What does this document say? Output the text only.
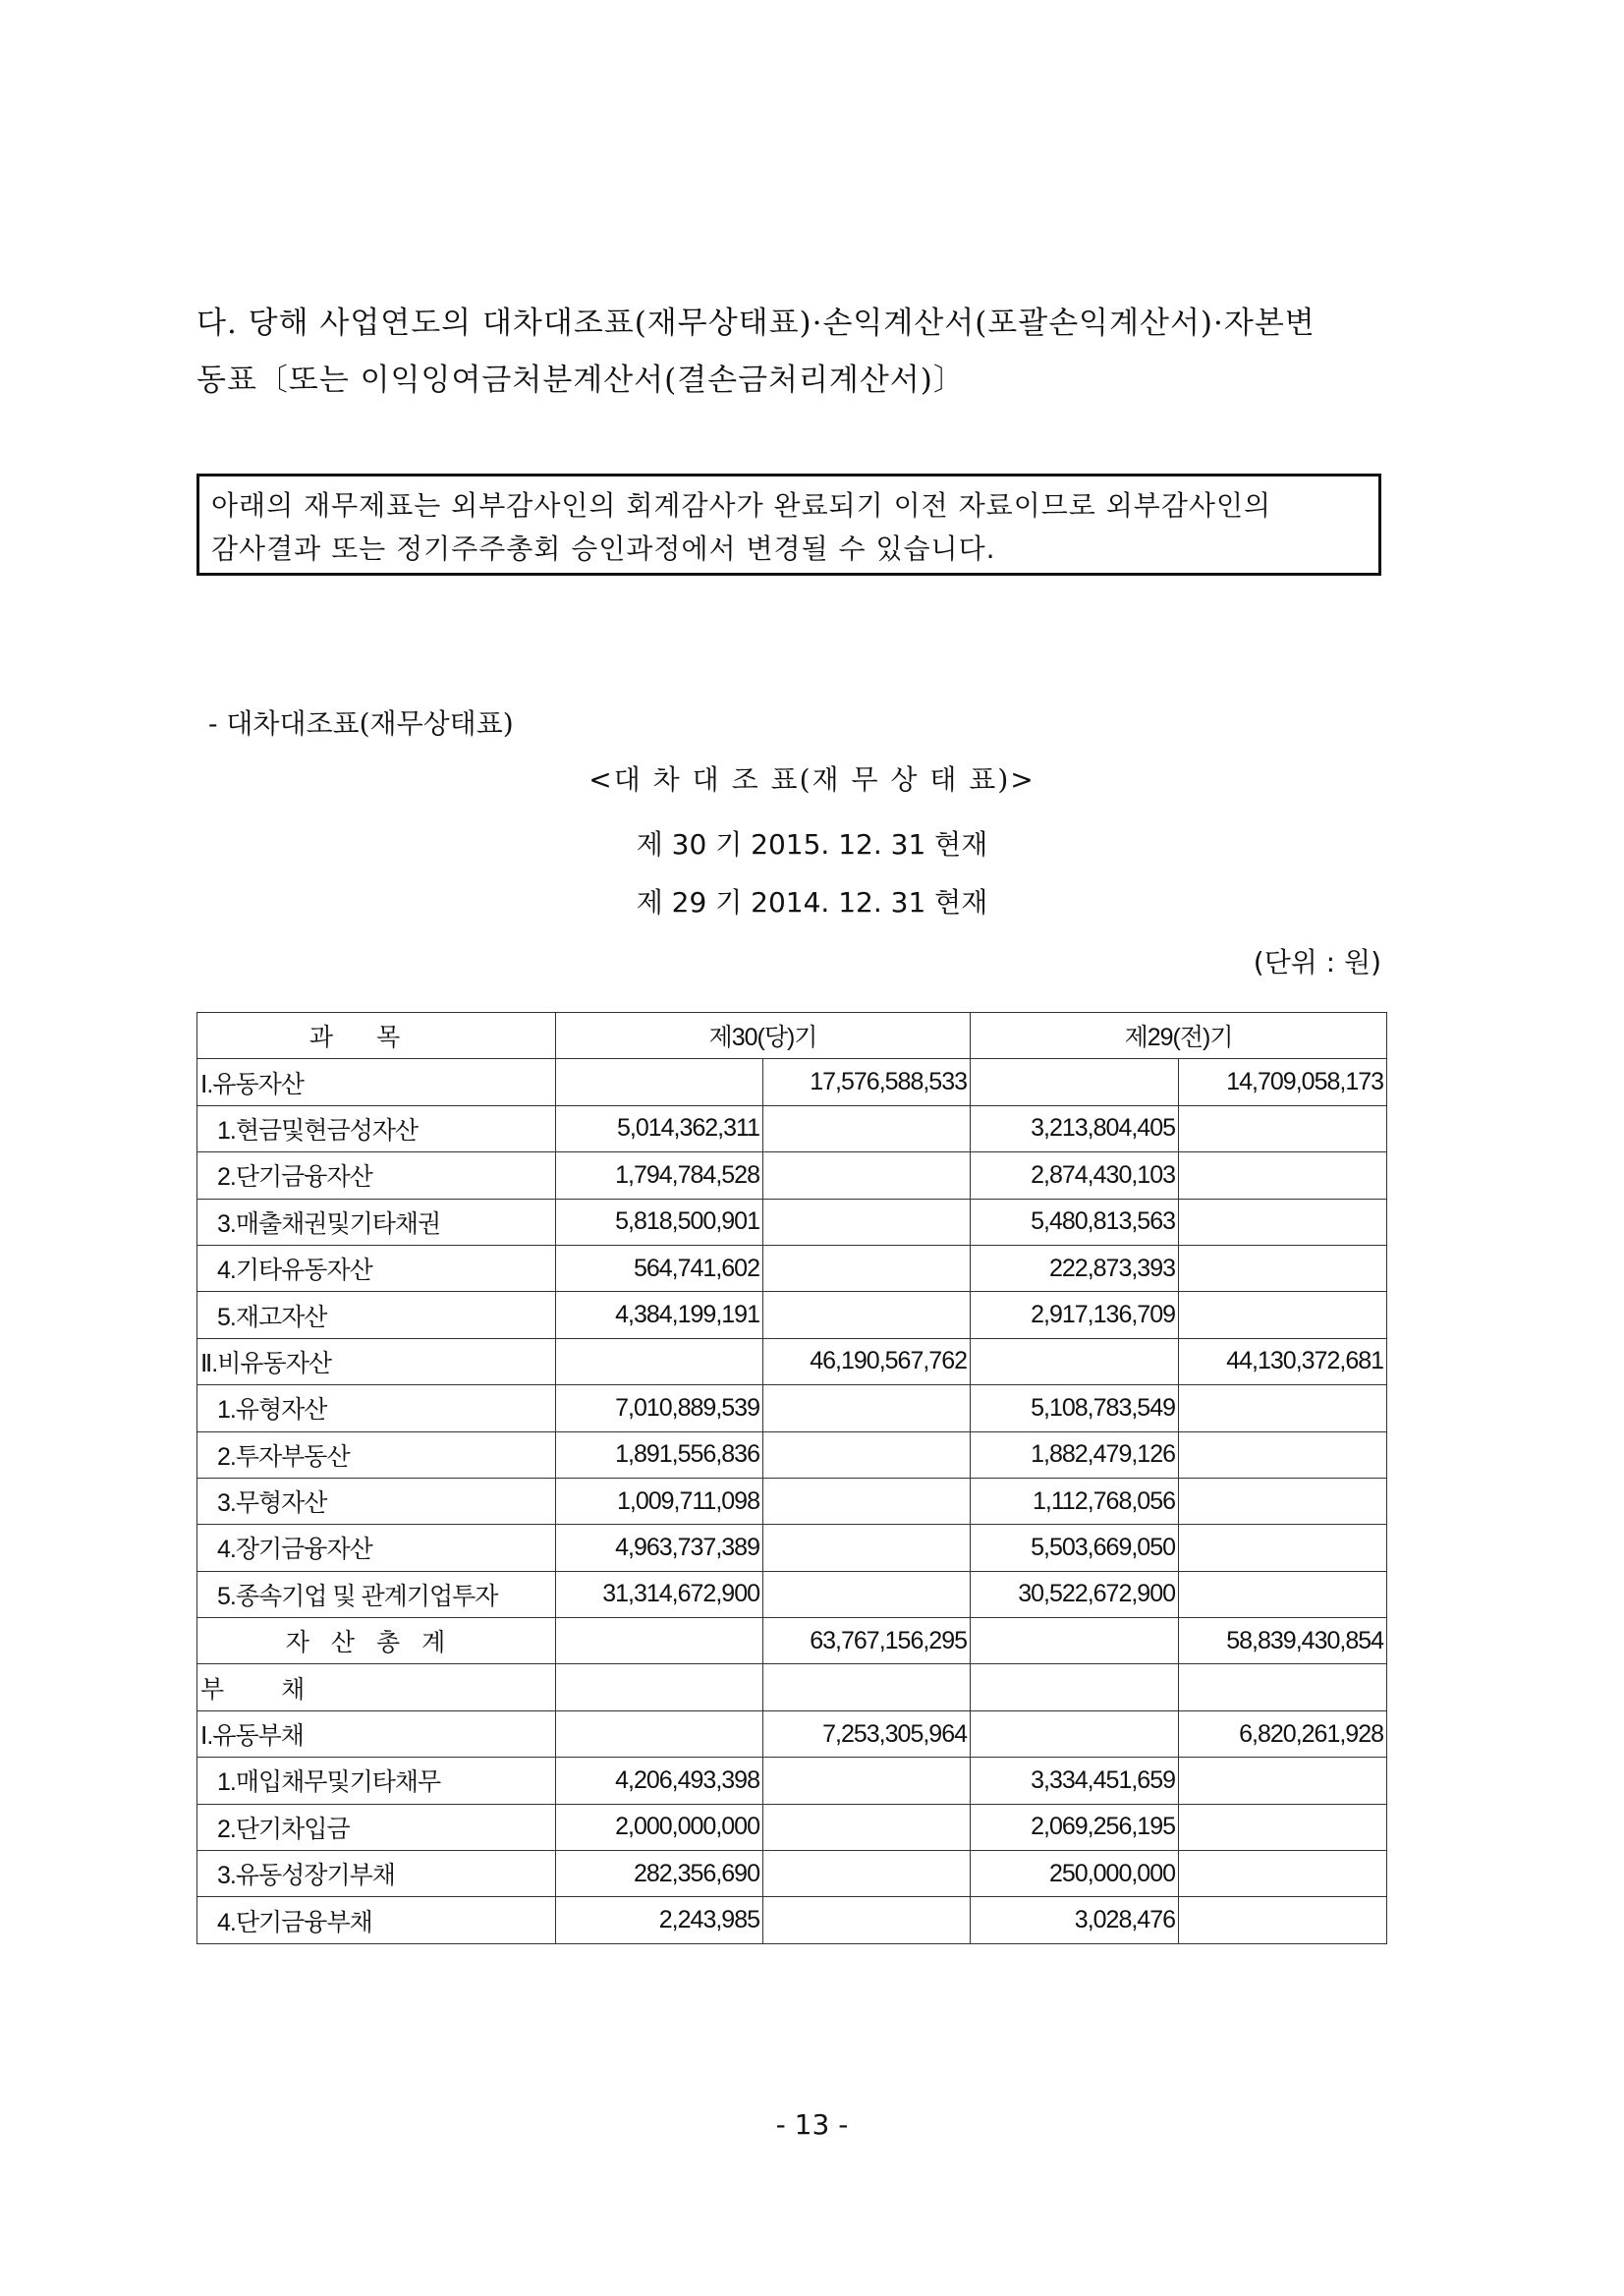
다. 당해 사업연도의 대차대조표(재무상태표)·손익계산서(포괄손익계산서)·자본변
동표〔또는 이익잉여금처분계산서(결손금처리계산서)〕
아래의 재무제표는 외부감사인의 회계감사가 완료되기 이전 자료이므로 외부감사인의
감사결과 또는 정기주주총회 승인과정에서 변경될 수 있습니다.
- 대차대조표(재무상태표)
<대 차 대 조 표(재 무 상 태 표)>
제 30 기 2015. 12. 31 현재
제 29 기 2014. 12. 31 현재
(단위 : 원)
과목	제30(당)기		제29(전)기	
Ⅰ.유동자산		17,576,588,533		14,709,058,173
1.현금및현금성자산	5,014,362,311		3,213,804,405	
2.단기금융자산	1,794,784,528		2,874,430,103	
3.매출채권및기타채권	5,818,500,901		5,480,813,563	
4.기타유동자산	564,741,602		222,873,393	
5.재고자산	4,384,199,191		2,917,136,709	
Ⅱ.비유동자산		46,190,567,762		44,130,372,681
1.유형자산	7,010,889,539		5,108,783,549	
2.투자부동산	1,891,556,836		1,882,479,126	
3.무형자산	1,009,711,098		1,112,768,056	
4.장기금융자산	4,963,737,389		5,503,669,050	
5.종속기업 및 관계기업투자	31,314,672,900		30,522,672,900	
자산총계		63,767,156,295		58,839,430,854
부채				
Ⅰ.유동부채		7,253,305,964		6,820,261,928
1.매입채무및기타채무	4,206,493,398		3,334,451,659	
2.단기차입금	2,000,000,000		2,069,256,195	
3.유동성장기부채	282,356,690		250,000,000	
4.단기금융부채	2,243,985		3,028,476	
- 13 -
